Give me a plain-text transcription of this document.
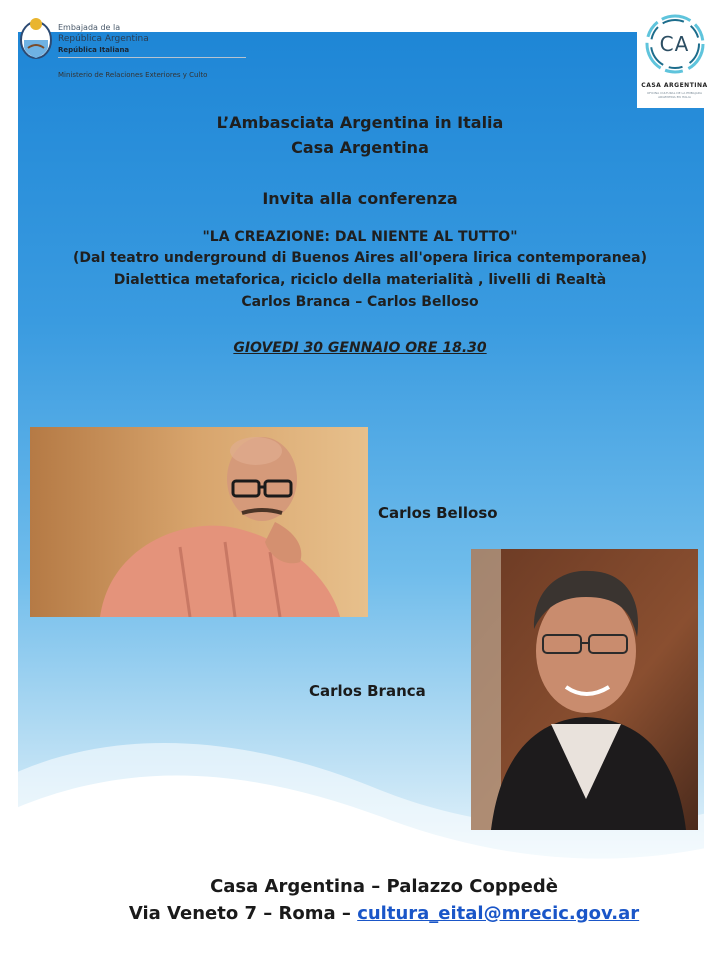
Embajada de la
República Argentina
República Italiana
Ministerio de Relaciones Exteriores y Culto
CA
CASA ARGENTINA
OFICINA CULTURAL DE LA EMBAJADA ARGENTINA EN ITALIA
L’Ambasciata Argentina in Italia
Casa Argentina
Invita alla conferenza
"LA CREAZIONE: DAL NIENTE AL TUTTO"
(Dal teatro underground di Buenos Aires all'opera lirica contemporanea)
Dialettica metaforica, riciclo della materialità , livelli di Realtà
Carlos Branca – Carlos Belloso
GIOVEDI 30 GENNAIO ORE 18.30
Carlos Belloso
Carlos Branca
Casa Argentina – Palazzo Coppedè
Via Veneto 7 – Roma – cultura_eital@mrecic.gov.ar
